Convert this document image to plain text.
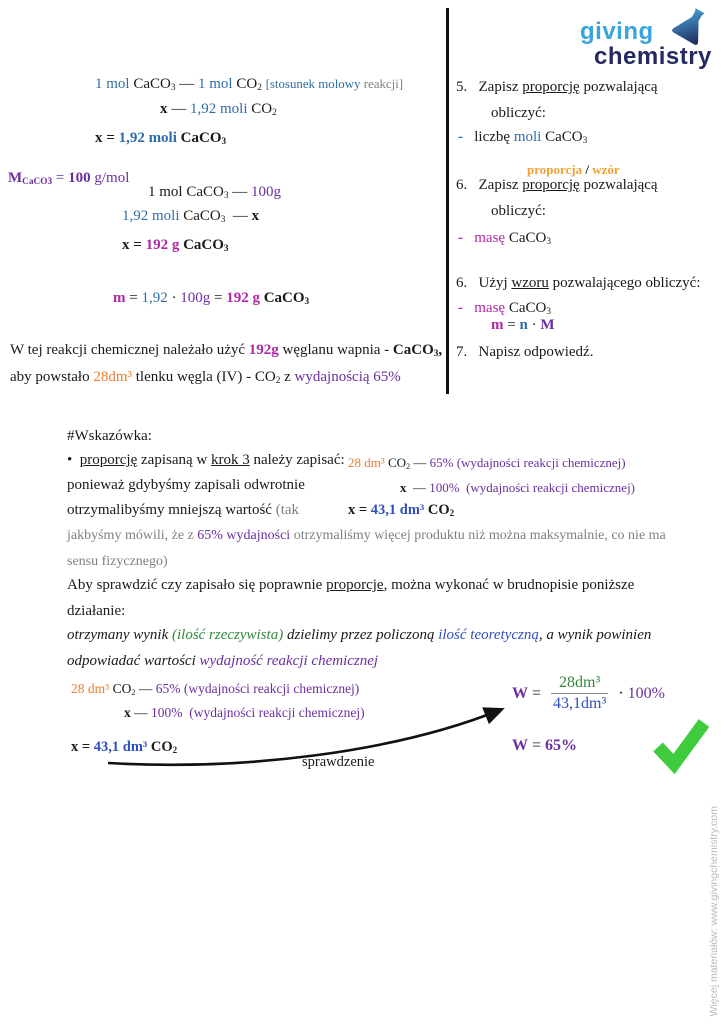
1 mol CaCO3 — 1 mol CO2 [stosunek molowy reakcji]
x — 1,92 moli CO2
x = 1,92 moli CaCO3
MCaCO3 = 100 g/mol
1 mol CaCO3 — 100g
1,92 moli CaCO3  — x
x = 192 g CaCO3
m = 1,92 · 100g = 192 g CaCO3
W tej reakcji chemicznej należało użyć 192g węglanu wapnia - CaCO3,
aby powstało 28dm³ tlenku węgla (IV) - CO2 z wydajnością 65%
giving
chemistry
5.   Zapisz proporcję pozwalającą
obliczyć:
-   liczbę moli CaCO3
proporcja / wzór
6.   Zapisz proporcję pozwalającą
obliczyć:
- masę CaCO3
6.   Użyj wzoru pozwalającego obliczyć:
- masę CaCO3
m = n · M
7.   Napisz odpowiedź.
#Wskazówka:
• proporcję zapisaną w krok 3 należy zapisać: 28 dm³ CO2 — 65% (wydajności reakcji chemicznej)
ponieważ gdybyśmy zapisali odwrotnie	x  — 100%  (wydajności reakcji chemicznej)
otrzymalibyśmy mniejszą wartość (tak	x = 43,1 dm³ CO2
jakbyśmy mówili, że z 65% wydajności otrzymaliśmy więcej produktu niż można maksymalnie, co nie ma
sensu fizycznego)
Aby sprawdzić czy zapisało się poprawnie proporcje, można wykonać w brudnopisie poniższe
działanie:
otrzymany wynik (ilość rzeczywista) dzielimy przez policzoną ilość teoretyczną, a wynik powinien
odpowiadać wartości wydajność reakcji chemicznej
28 dm³ CO2 — 65% (wydajności reakcji chemicznej)
x — 100%  (wydajności reakcji chemicznej)
x = 43,1 dm³ CO2
sprawdzenie
$W = \frac{\text{28dm³}}{\text{43,1dm³}} \cdot 100\%$
W = 65%
Więcej materiałów: www.givingchemistry.com
